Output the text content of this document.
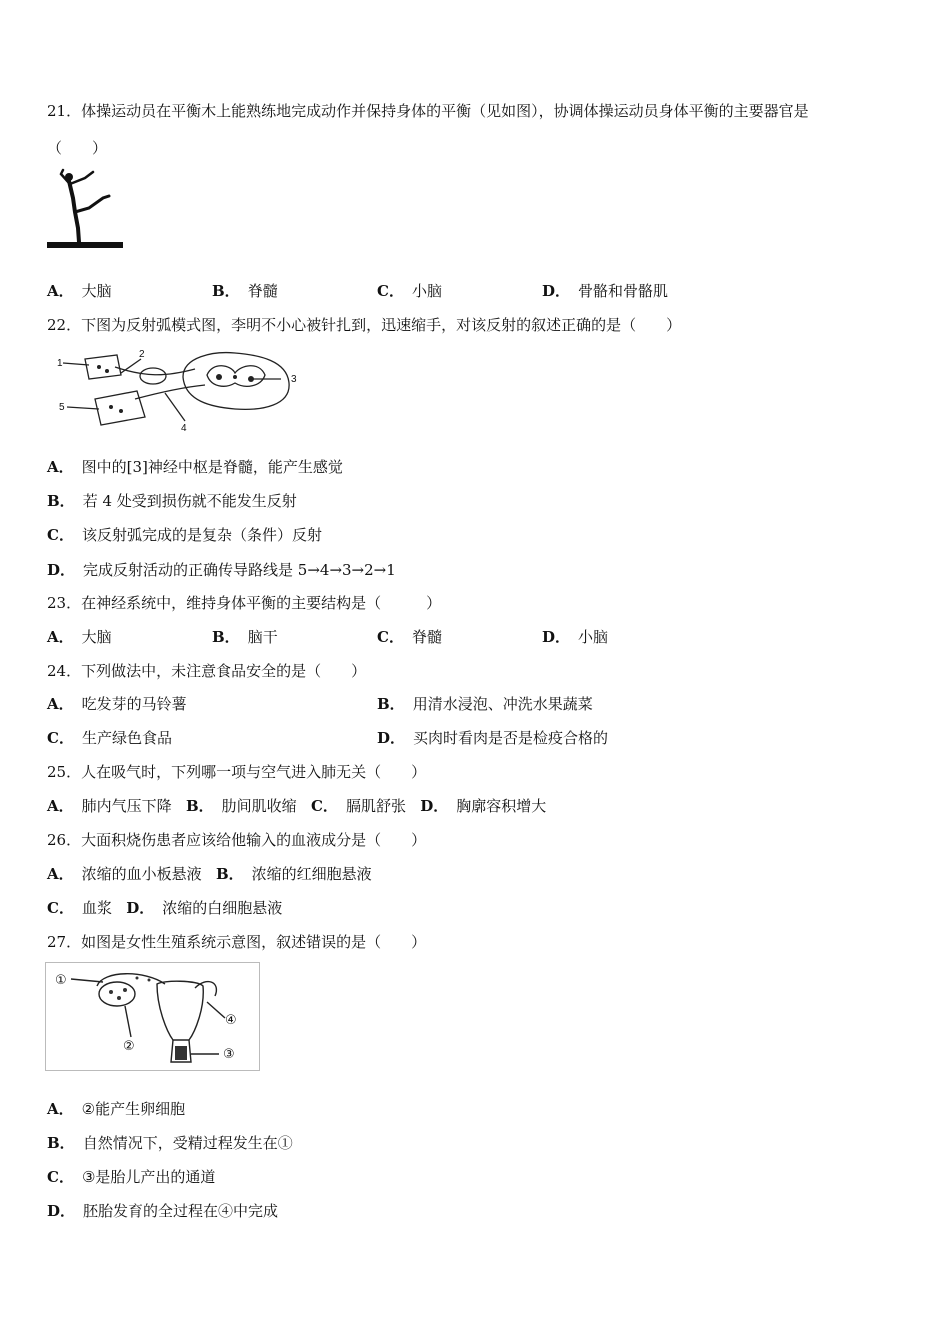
21．体操运动员在平衡木上能熟练地完成动作并保持身体的平衡（见如图），协调体操运动员身体平衡的主要器官是
（　　）
A． 大脑	B． 脊髓	C． 小脑	D． 骨骼和骨骼肌
22．下图为反射弧模式图，李明不小心被针扎到，迅速缩手，对该反射的叙述正确的是（　　）
1
2
3
4
5
A． 图中的[3]神经中枢是脊髓，能产生感觉
B． 若 4 处受到损伤就不能发生反射
C． 该反射弧完成的是复杂（条件）反射
D． 完成反射活动的正确传导路线是 5→4→3→2→1
23．在神经系统中，维持身体平衡的主要结构是（　　　）
A． 大脑	B． 脑干	C． 脊髓	D． 小脑
24．下列做法中，未注意食品安全的是（　　）
A． 吃发芽的马铃薯	B． 用清水浸泡、冲洗水果蔬菜
C． 生产绿色食品	D． 买肉时看肉是否是检疫合格的
25．人在吸气时，下列哪一项与空气进入肺无关（　　）
A． 肺内气压下降 B． 肋间肌收缩 C． 膈肌舒张 D． 胸廓容积增大
26．大面积烧伤患者应该给他输入的血液成分是（　　）
A． 浓缩的血小板悬液 B． 浓缩的红细胞悬液
C． 血浆 D． 浓缩的白细胞悬液
27．如图是女性生殖系统示意图，叙述错误的是（　　）
①
②
③
④
A． ②能产生卵细胞
B． 自然情况下，受精过程发生在①
C． ③是胎儿产出的通道
D． 胚胎发育的全过程在④中完成
